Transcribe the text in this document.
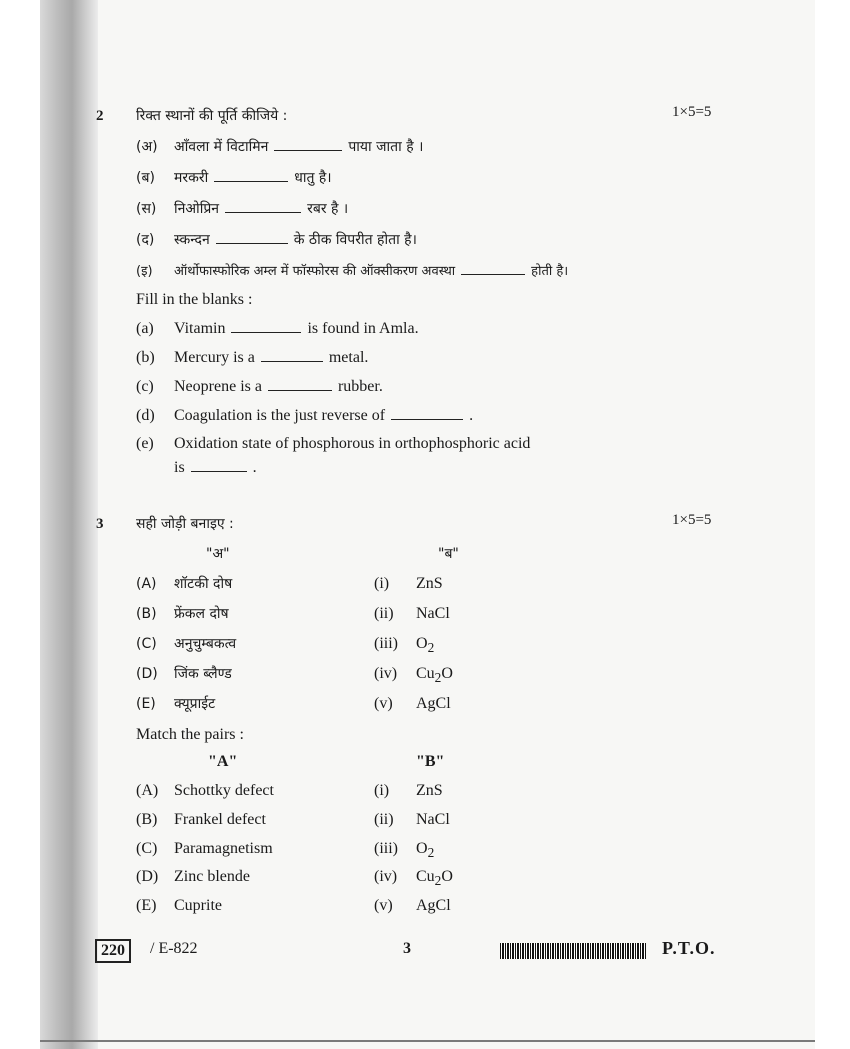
2	1×5=5
रिक्त स्थानों की पूर्ति कीजिये :
(अ) आँवला में विटामिन	पाया जाता है ।
(ब) मरकरी	धातु है।
(स) निओप्रिन	रबर है ।
(द) स्कन्दन	के ठीक विपरीत होता है।
(इ) ऑर्थोफास्फोरिक अम्ल में फॉस्फोरस की ऑक्सीकरण अवस्था	होती है।
Fill in the blanks :
(a) Vitamin	is found in Amla.
(b) Mercury is a	metal.
(c) Neoprene is a	rubber.
(d) Coagulation is the just reverse of	.
(e) Oxidation state of phosphorous in orthophosphoric acid
is	.
3	1×5=5
सही जोड़ी बनाइए :
"अ"	"ब"
(A) शॉटकी दोष	(i) ZnS
(B) फ्रेंकल दोष	(ii) NaCl
(C) अनुचुम्बकत्व	(iii) $O_2$
(D) जिंक ब्लैण्ड	(iv) $Cu_2O$
(E) क्यूप्राईट	(v) AgCl
Match the pairs :
"A"	"B"
(A) Schottky defect	(i) ZnS
(B) Frankel defect	(ii) NaCl
(C) Paramagnetism	(iii) $O_2$
(D) Zinc blende	(iv) $Cu_2O$
(E) Cuprite	(v) AgCl
220	/ E-822	3	P.T.O.
